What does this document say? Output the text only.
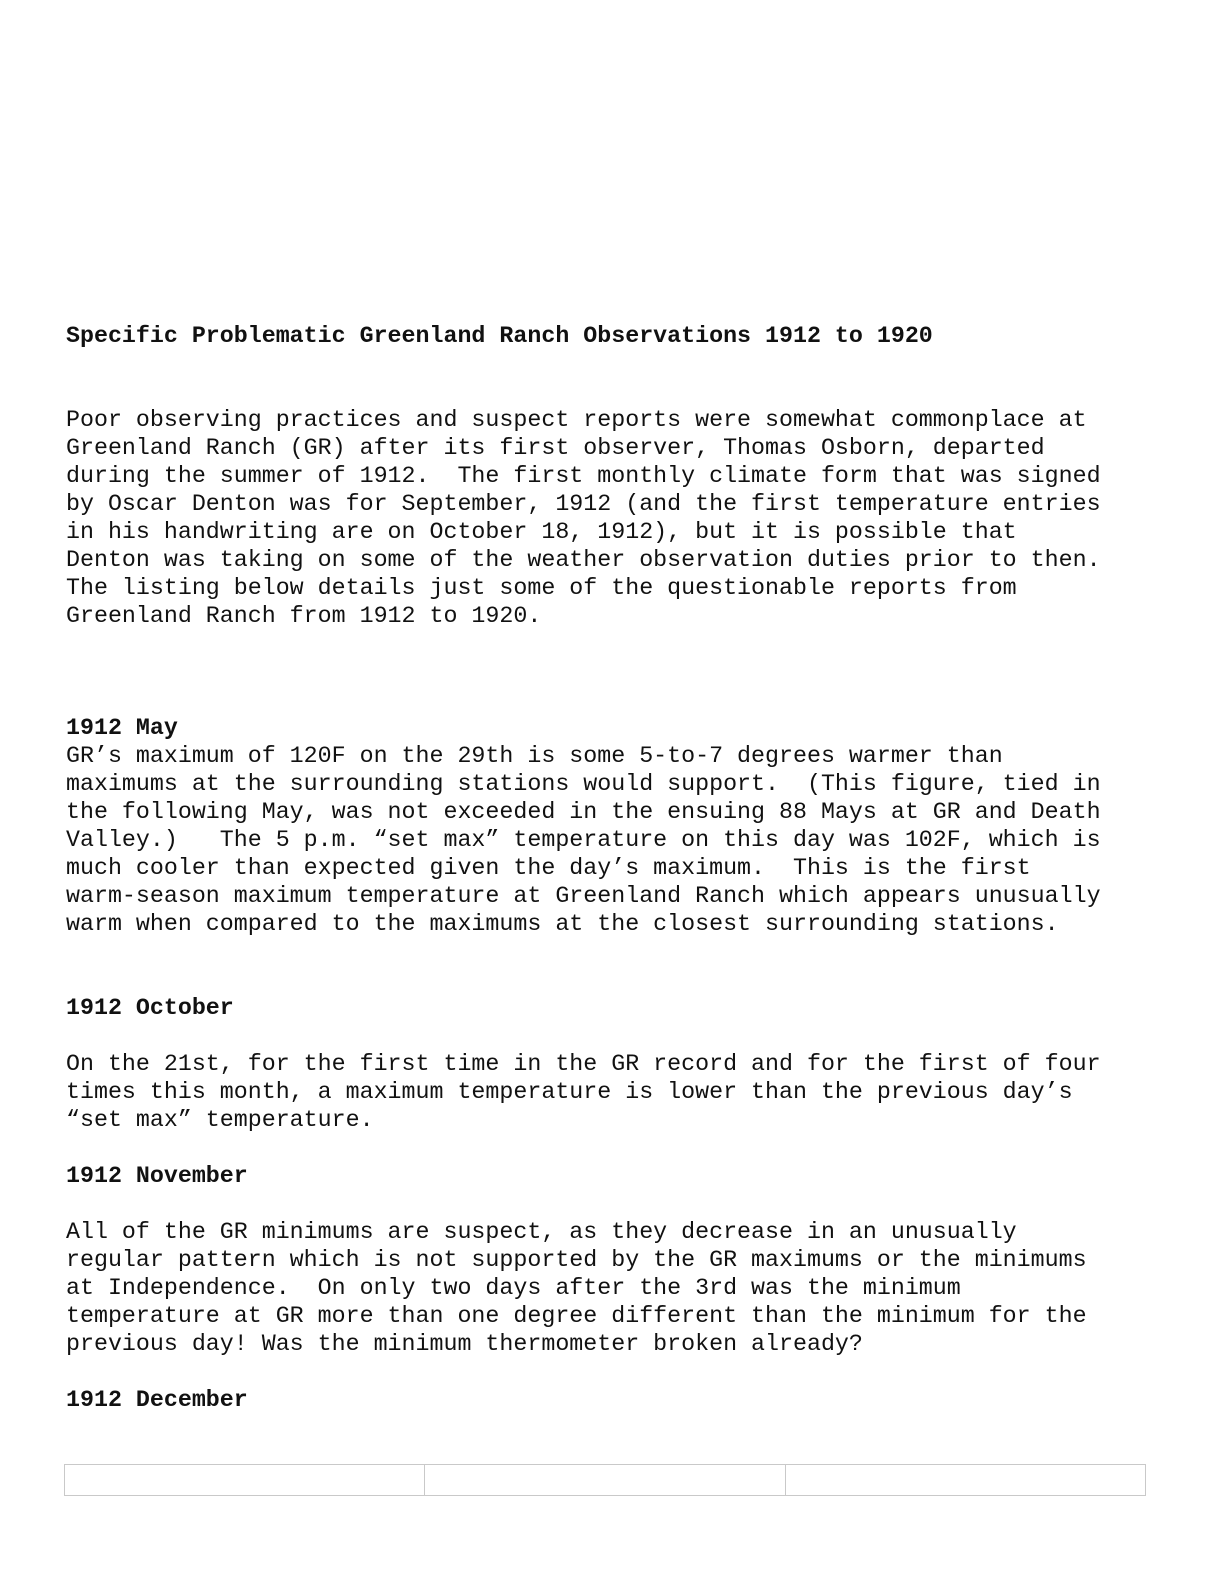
Specific Problematic Greenland Ranch Observations 1912 to 1920
Poor observing practices and suspect reports were somewhat commonplace at
Greenland Ranch (GR) after its first observer, Thomas Osborn, departed
during the summer of 1912.  The first monthly climate form that was signed
by Oscar Denton was for September, 1912 (and the first temperature entries
in his handwriting are on October 18, 1912), but it is possible that
Denton was taking on some of the weather observation duties prior to then.
The listing below details just some of the questionable reports from
Greenland Ranch from 1912 to 1920.
1912 May
GR’s maximum of 120F on the 29th is some 5-to-7 degrees warmer than
maximums at the surrounding stations would support.  (This figure, tied in
the following May, was not exceeded in the ensuing 88 Mays at GR and Death
Valley.)   The 5 p.m. “set max” temperature on this day was 102F, which is
much cooler than expected given the day’s maximum.  This is the first
warm-season maximum temperature at Greenland Ranch which appears unusually
warm when compared to the maximums at the closest surrounding stations.
1912 October
On the 21st, for the first time in the GR record and for the first of four
times this month, a maximum temperature is lower than the previous day’s
“set max” temperature.
1912 November
All of the GR minimums are suspect, as they decrease in an unusually
regular pattern which is not supported by the GR maximums or the minimums
at Independence.  On only two days after the 3rd was the minimum
temperature at GR more than one degree different than the minimum for the
previous day! Was the minimum thermometer broken already?
1912 December
